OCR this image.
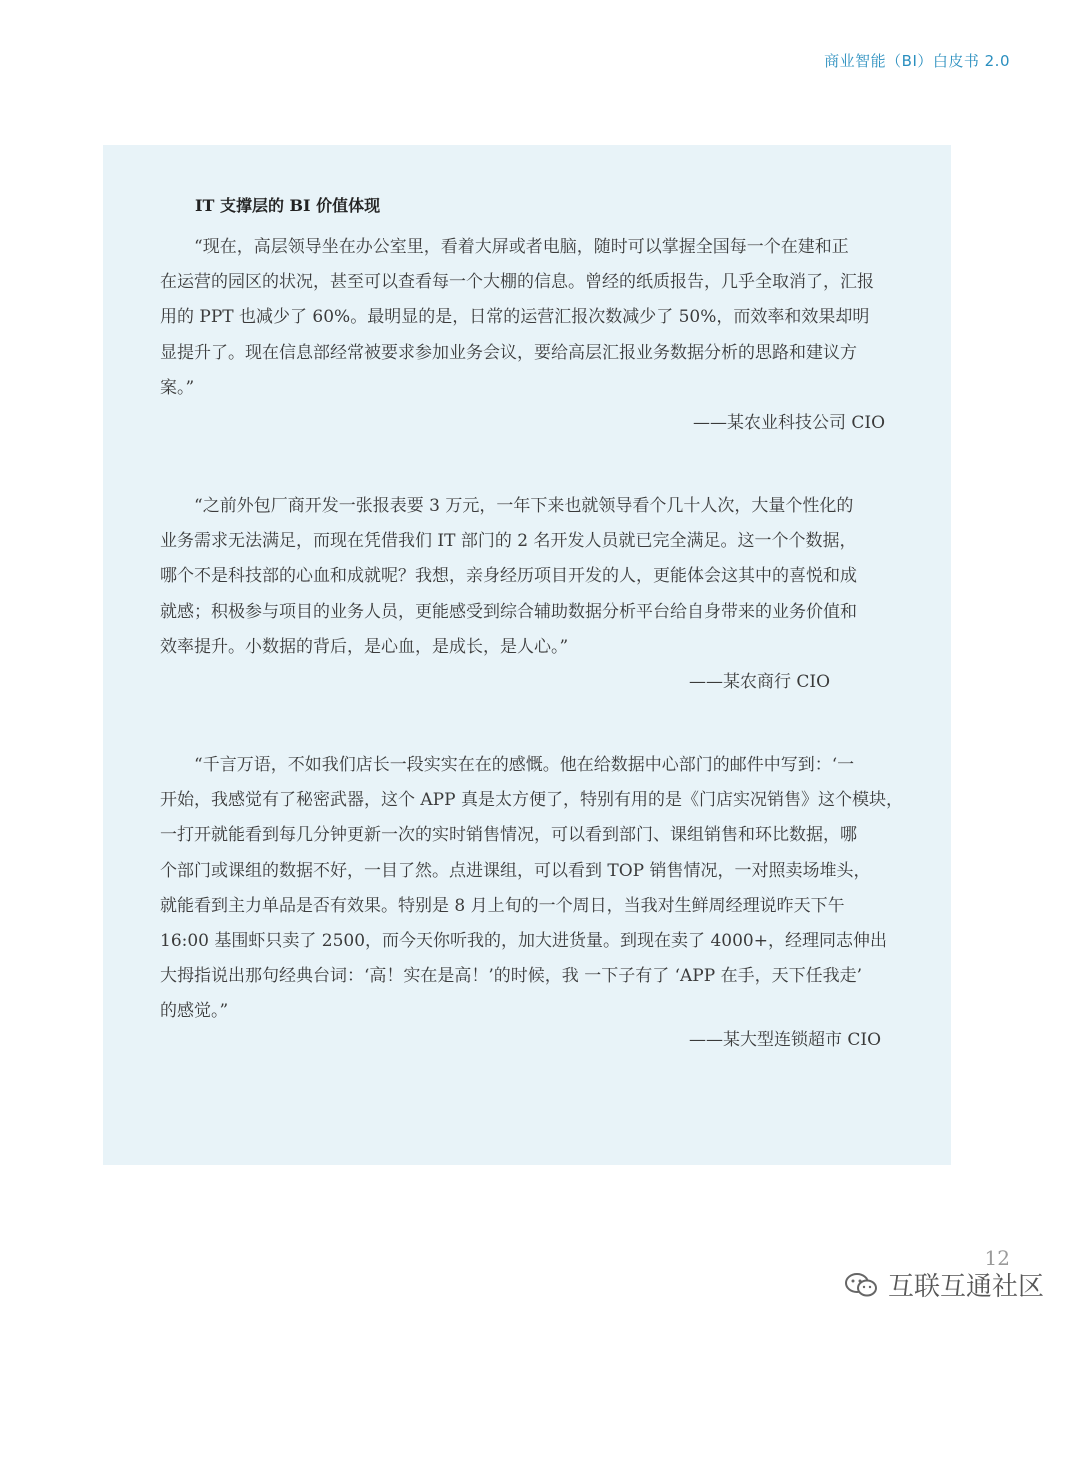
商业智能（BI）白皮书 2.0
IT 支撑层的 BI 价值体现
“现在，高层领导坐在办公室里，看着大屏或者电脑，随时可以掌握全国每一个在建和正
在运营的园区的状况，甚至可以查看每一个大棚的信息。曾经的纸质报告，几乎全取消了，汇报
用的 PPT 也减少了 60%。最明显的是，日常的运营汇报次数减少了 50%，而效率和效果却明
显提升了。现在信息部经常被要求参加业务会议，要给高层汇报业务数据分析的思路和建议方
案。”
——某农业科技公司 CIO
“之前外包厂商开发一张报表要 3 万元，一年下来也就领导看个几十人次，大量个性化的
业务需求无法满足，而现在凭借我们 IT 部门的 2 名开发人员就已完全满足。这一个个数据，
哪个不是科技部的心血和成就呢？我想，亲身经历项目开发的人，更能体会这其中的喜悦和成
就感；积极参与项目的业务人员，更能感受到综合辅助数据分析平台给自身带来的业务价值和
效率提升。小数据的背后，是心血，是成长，是人心。”
——某农商行 CIO
“千言万语，不如我们店长一段实实在在的感慨。他在给数据中心部门的邮件中写到：‘一
开始，我感觉有了秘密武器，这个 APP 真是太方便了，特别有用的是《门店实况销售》这个模块，
一打开就能看到每几分钟更新一次的实时销售情况，可以看到部门、课组销售和环比数据，哪
个部门或课组的数据不好，一目了然。点进课组，可以看到 TOP 销售情况，一对照卖场堆头，
就能看到主力单品是否有效果。特别是 8 月上旬的一个周日，当我对生鲜周经理说昨天下午
16:00 基围虾只卖了 2500，而今天你听我的，加大进货量。到现在卖了 4000+，经理同志伸出
大拇指说出那句经典台词：‘高！实在是高！’的时候，我 一下子有了 ‘APP 在手，天下任我走’
的感觉。”
——某大型连锁超市 CIO
12
互联互通社区
